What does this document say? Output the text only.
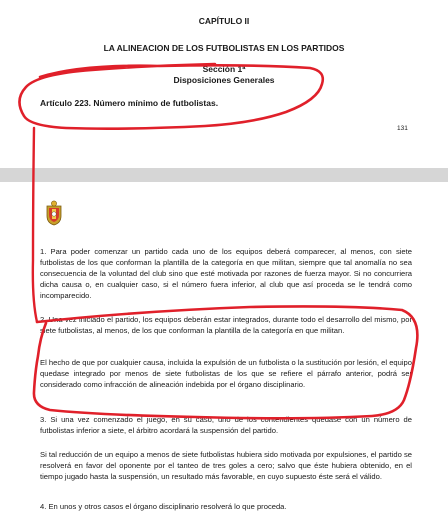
CAPÍTULO II
LA ALINEACION DE LOS FUTBOLISTAS EN LOS PARTIDOS
Sección 1ª
Disposiciones Generales
Artículo 223. Número mínimo de futbolistas.
131

1. Para poder comenzar un partido cada uno de los equipos deberá comparecer, al menos, con siete futbolistas de los que conforman la plantilla de la categoría en que militan, siempre que tal anomalía no sea consecuencia de la voluntad del club sino que esté motivada por razones de fuerza mayor. Si no concurriera dicha causa o, en cualquier caso, si el número fuera inferior, al club que así proceda se le tendrá como incomparecido.

2. Una vez iniciado el partido, los equipos deberán estar integrados, durante todo el desarrollo del mismo, por siete futbolistas, al menos, de los que conforman la plantilla de la categoría en que militan.

El hecho de que por cualquier causa, incluida la expulsión de un futbolista o la sustitución por lesión, el equipo quedase integrado por menos de siete futbolistas de los que se refiere el párrafo anterior, podrá ser considerado como infracción de alineación indebida por el órgano disciplinario.

3. Si una vez comenzado el juego, en su caso, uno de los contendientes quedase con un número de futbolistas inferior a siete, el árbitro acordará la suspensión del partido.

Si tal reducción de un equipo a menos de siete futbolistas hubiera sido motivada por expulsiones, el partido se resolverá en favor del oponente por el tanteo de tres goles a cero; salvo que éste hubiera obtenido, en el tiempo jugado hasta la suspensión, un resultado más favorable, en cuyo supuesto éste será el válido.

4. En unos y otros casos el órgano disciplinario resolverá lo que proceda.
